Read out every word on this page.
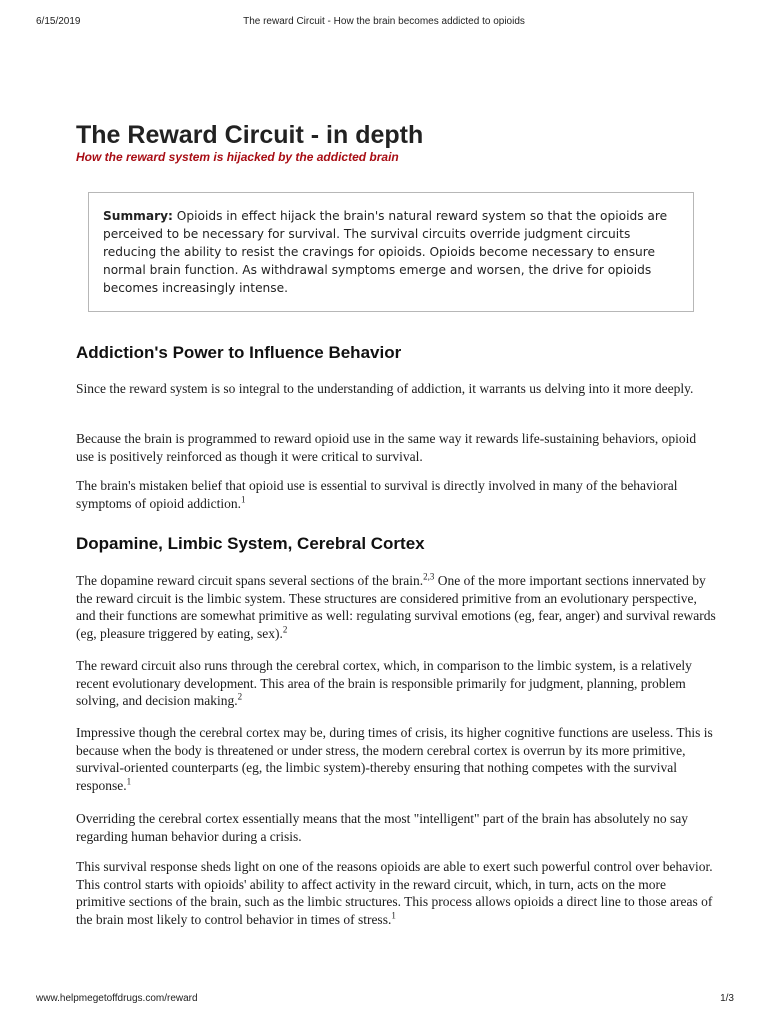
6/15/2019	The reward Circuit - How the brain becomes addicted to opioids
The Reward Circuit - in depth
How the reward system is hijacked by the addicted brain
Summary: Opioids in effect hijack the brain's natural reward system so that the opioids are perceived to be necessary for survival. The survival circuits override judgment circuits reducing the ability to resist the cravings for opioids. Opioids become necessary to ensure normal brain function. As withdrawal symptoms emerge and worsen, the drive for opioids becomes increasingly intense.
Addiction's Power to Influence Behavior

Since the reward system is so integral to the understanding of addiction, it warrants us delving into it more deeply.

Because the brain is programmed to reward opioid use in the same way it rewards life-sustaining behaviors, opioid use is positively reinforced as though it were critical to survival.

The brain's mistaken belief that opioid use is essential to survival is directly involved in many of the behavioral symptoms of opioid addiction.$^1$

Dopamine, Limbic System, Cerebral Cortex

The dopamine reward circuit spans several sections of the brain.$^{2,3}$ One of the more important sections innervated by the reward circuit is the limbic system. These structures are considered primitive from an evolutionary perspective, and their functions are somewhat primitive as well: regulating survival emotions (eg, fear, anger) and survival rewards (eg, pleasure triggered by eating, sex).$^2$

The reward circuit also runs through the cerebral cortex, which, in comparison to the limbic system, is a relatively recent evolutionary development. This area of the brain is responsible primarily for judgment, planning, problem solving, and decision making.$^2$

Impressive though the cerebral cortex may be, during times of crisis, its higher cognitive functions are useless. This is because when the body is threatened or under stress, the modern cerebral cortex is overrun by its more primitive, survival-oriented counterparts (eg, the limbic system)-thereby ensuring that nothing competes with the survival response.$^1$

Overriding the cerebral cortex essentially means that the most "intelligent" part of the brain has absolutely no say regarding human behavior during a crisis.

This survival response sheds light on one of the reasons opioids are able to exert such powerful control over behavior. This control starts with opioids' ability to affect activity in the reward circuit, which, in turn, acts on the more primitive sections of the brain, such as the limbic structures. This process allows opioids a direct line to those areas of the brain most likely to control behavior in times of stress.$^1$

www.helpmegetoffdrugs.com/reward	1/3
